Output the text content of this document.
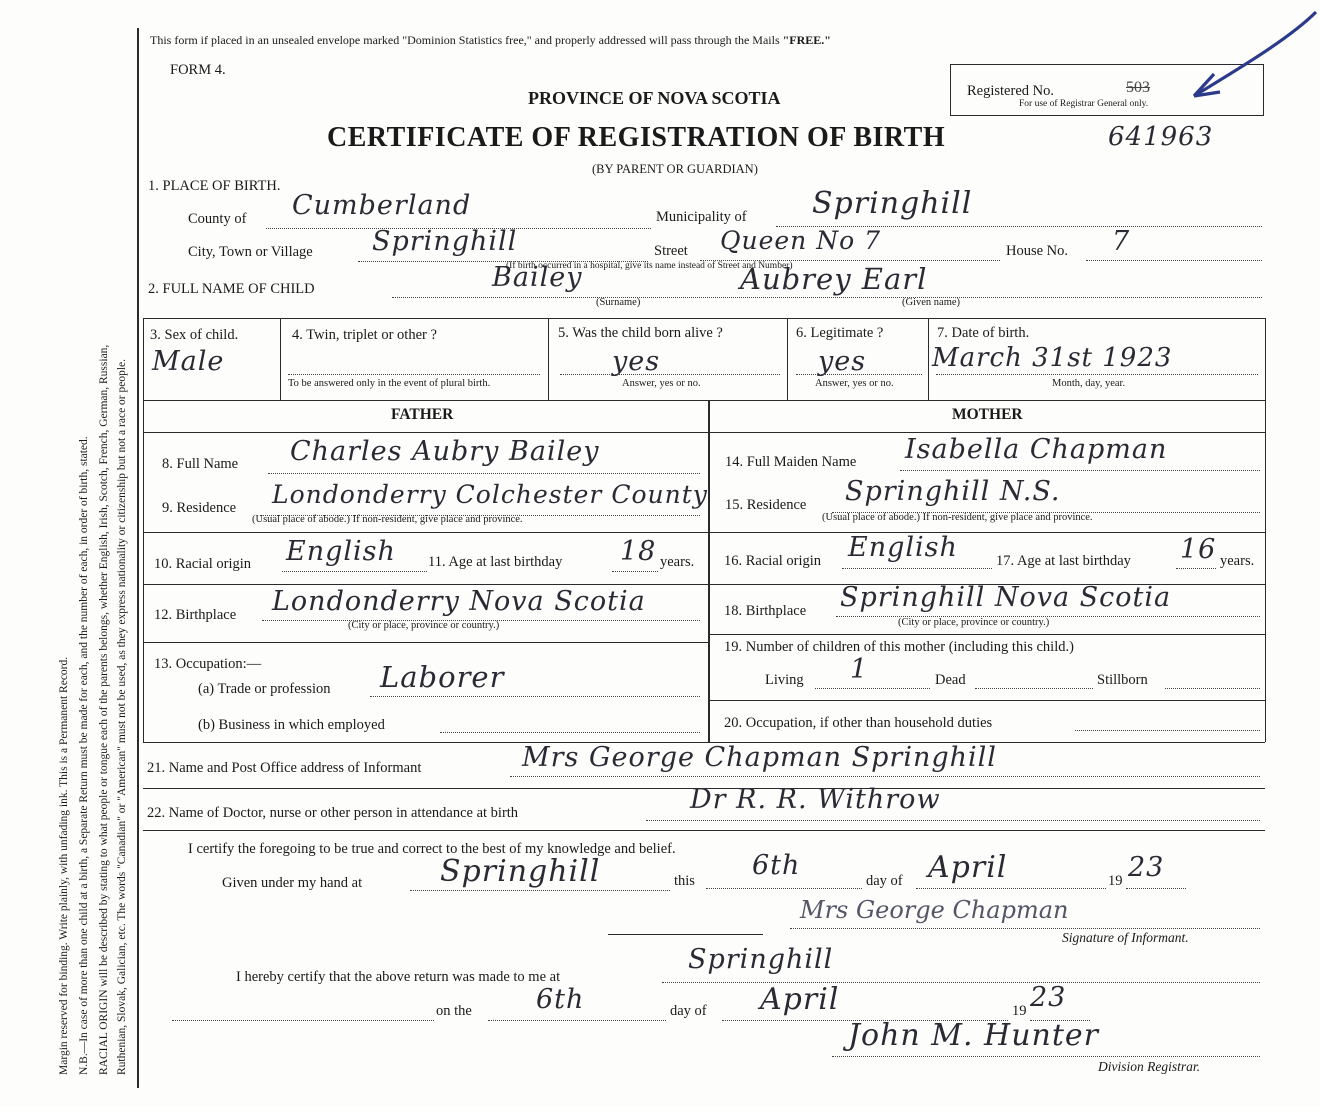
Margin reserved for binding. Write plainly, with unfading ink. This is a Permanent Record. N.B.—In case of more than one child at a birth, a Separate Return must be made for each, and the number of each, in order of birth, stated. RACIAL ORIGIN will be described by stating to what people or tongue each of the parents belongs, whether English, Irish, Scotch, French, German, Russian, Ruthenian, Slovak, Galician, etc. The words "Canadian" or "American" must not be used, as they express nationality or citizenship but not a race or people.
This form if placed in an unsealed envelope marked "Dominion Statistics free," and properly addressed will pass through the Mails "FREE."
FORM 4.
PROVINCE OF NOVA SCOTIA
CERTIFICATE OF REGISTRATION OF BIRTH	641963
(BY PARENT OR GUARDIAN)
Registered No.	503
For use of Registrar General only.
1. PLACE OF BIRTH.
County of Cumberland	Municipality of Springhill
City, Town or Village Springhill	Street Queen No 7	House No. 7
(If birth occurred in a hospital, give its name instead of Street and Number)
2. FULL NAME OF CHILD	Bailey	Aubrey Earl
(Surname)	(Given name)
3. Sex of child.
Male
4. Twin, triplet or other ?
To be answered only in the event of plural birth.
5. Was the child born alive ?
yes
Answer, yes or no.
6. Legitimate ?
yes
Answer, yes or no.
7. Date of birth.
March 31st 1923
Month, day, year.
FATHER	MOTHER
8. Full Name Charles Aubry Bailey
9. Residence Londonderry Colchester County
(Usual place of abode.) If non-resident, give place and province.
10. Racial origin English 11. Age at last birthday 18 years.
12. Birthplace Londonderry Nova Scotia
(City or place, province or country.)
13. Occupation:—
(a) Trade or profession Laborer
(b) Business in which employed
14. Full Maiden Name Isabella Chapman
15. Residence Springhill N.S.
(Usual place of abode.) If non-resident, give place and province.
16. Racial origin English	17. Age at last birthday 16 years.
18. Birthplace Springhill Nova Scotia
(City or place, province or country.)
19. Number of children of this mother (including this child.)
Living 1	Dead	Stillborn
20. Occupation, if other than household duties
21. Name and Post Office address of Informant	Mrs George Chapman Springhill
22. Name of Doctor, nurse or other person in attendance at birth	Dr R. R. Withrow
I certify the foregoing to be true and correct to the best of my knowledge and belief.
Given under my hand at	Springhill	this 6th	day of April	19 23
Mrs George Chapman
Signature of Informant.
I hereby certify that the above return was made to me at
Springhill
on the 6th	day of April	19 23
John M. Hunter
Division Registrar.
